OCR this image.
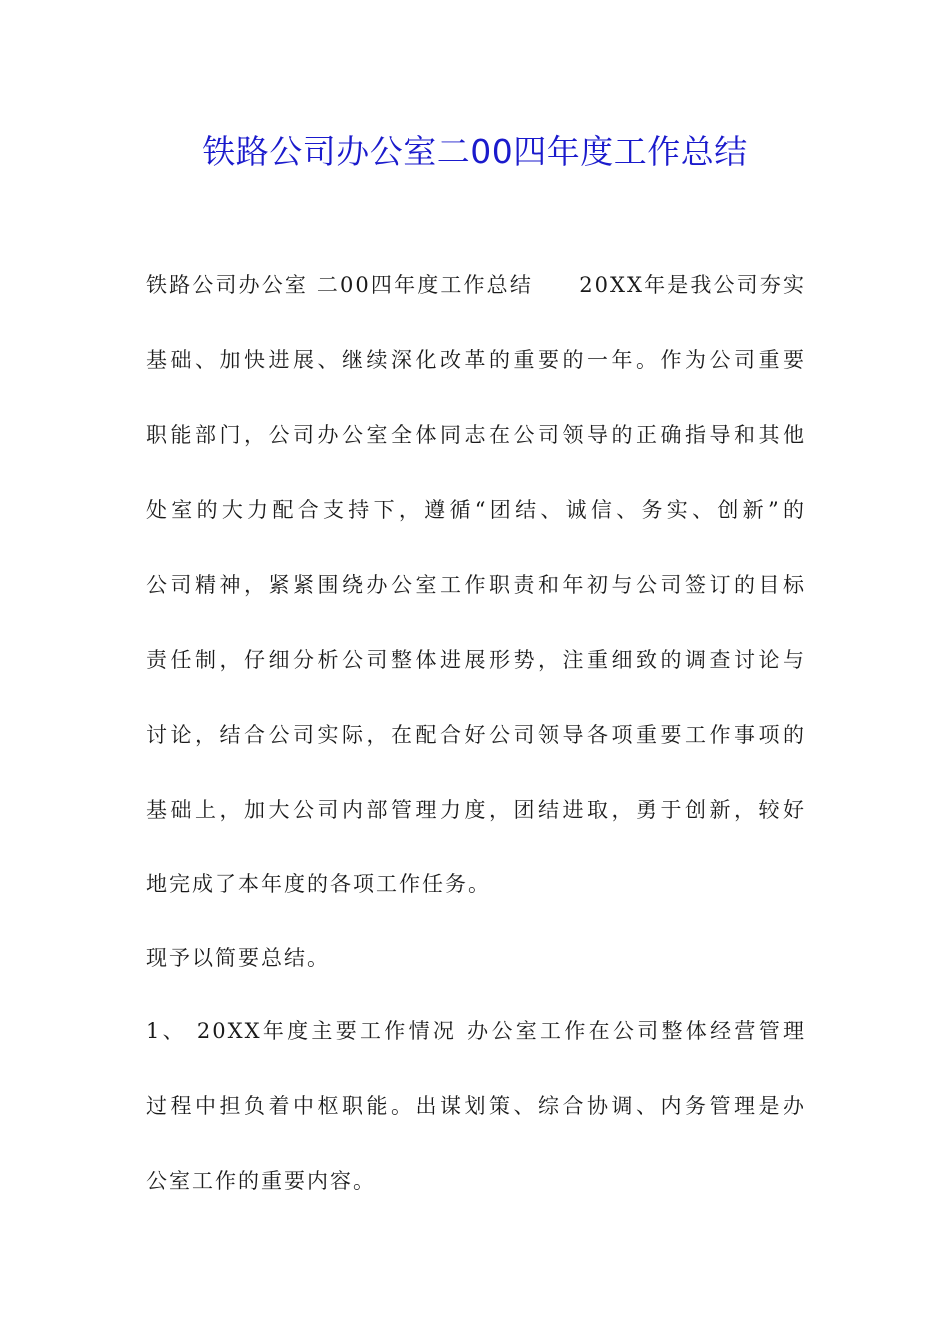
铁路公司办公室二00四年度工作总结
铁路公司办公室 二00四年度工作总结　　20XX年是我公司夯实
基础、加快进展、继续深化改革的重要的一年。作为公司重要
职能部门，公司办公室全体同志在公司领导的正确指导和其他
处室的大力配合支持下，遵循“团结、诚信、务实、创新”的
公司精神，紧紧围绕办公室工作职责和年初与公司签订的目标
责任制，仔细分析公司整体进展形势，注重细致的调查讨论与
讨论，结合公司实际，在配合好公司领导各项重要工作事项的
基础上，加大公司内部管理力度，团结进取，勇于创新，较好
地完成了本年度的各项工作任务。
现予以简要总结。
1、 20XX年度主要工作情况 办公室工作在公司整体经营管理
过程中担负着中枢职能。出谋划策、综合协调、内务管理是办
公室工作的重要内容。
